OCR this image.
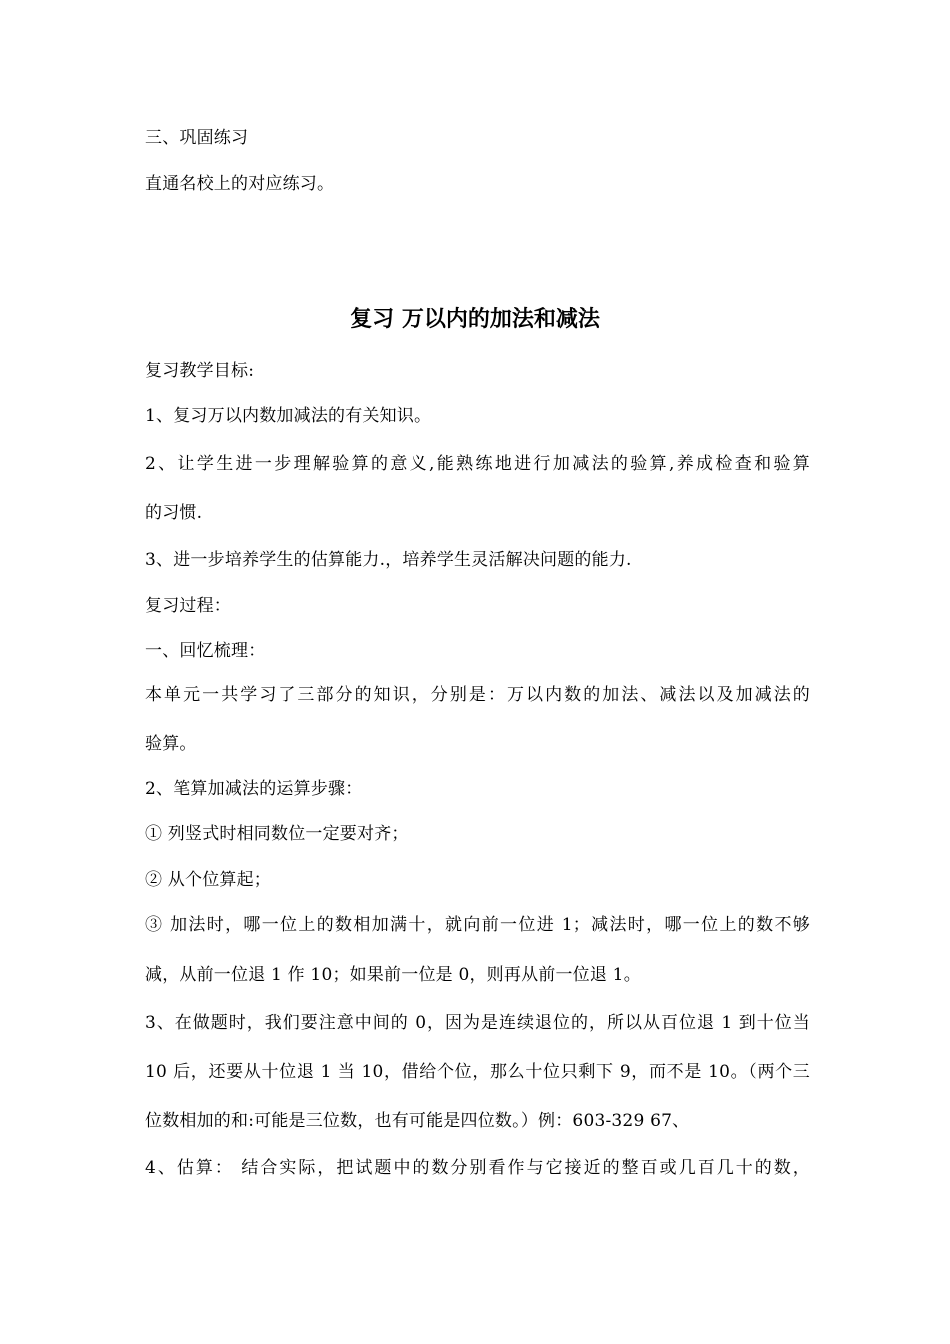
三、巩固练习
直通名校上的对应练习。
复习 万以内的加法和减法
复习教学目标:
1、复习万以内数加减法的有关知识。
2、让学生进一步理解验算的意义,能熟练地进行加减法的验算,养成检查和验算
的习惯.
3、进一步培养学生的估算能力.，培养学生灵活解决问题的能力.
复习过程：
一、回忆梳理：
本单元一共学习了三部分的知识，分别是：万以内数的加法、减法以及加减法的
验算。
2、笔算加减法的运算步骤：
① 列竖式时相同数位一定要对齐；
② 从个位算起；
③ 加法时，哪一位上的数相加满十，就向前一位进 1；减法时，哪一位上的数不够
减，从前一位退 1 作 10；如果前一位是 0，则再从前一位退 1。
3、在做题时，我们要注意中间的 0，因为是连续退位的，所以从百位退 1 到十位当
10 后，还要从十位退 1 当 10，借给个位，那么十位只剩下 9，而不是 10。（两个三
位数相加的和:可能是三位数，也有可能是四位数。）例：603-329 67、
4、估算： 结合实际，把试题中的数分别看作与它接近的整百或几百几十的数，
